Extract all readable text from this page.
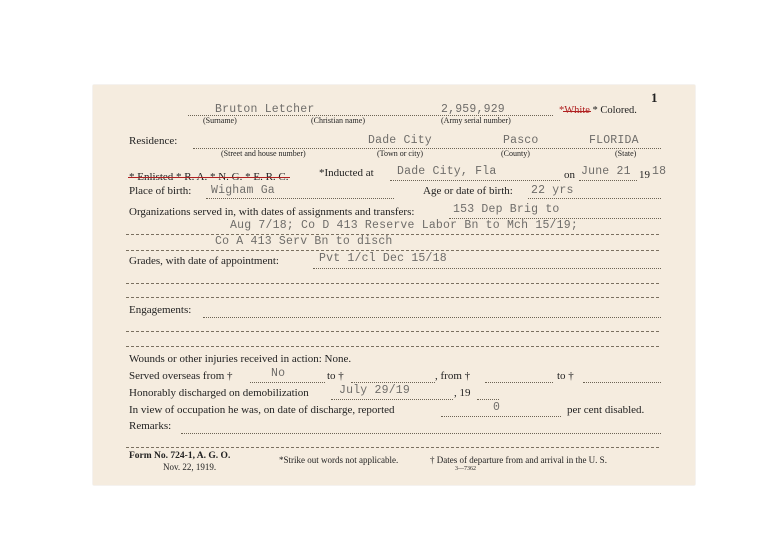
1
Bruton Letcher	2,959,929	*White * Colored.
(Surname)	(Christian name)	(Army serial number)
Residence:	Dade City	Pasco	FLORIDA
(Street and house number)	(Town or city)	(County)	(State)
$_{* Enlisted * R. A. * N. G. * E. R. C.}$	*Inducted at Dade City, Fla	on June 21 19 18
Place of birth: Wigham Ga	Age or date of birth: 22 yrs
Organizations served in, with dates of assignments and transfers:	153 Dep Brig to
Aug 7/18; Co D 413 Reserve Labor Bn to Mch 15/19;
Co A 413 Serv Bn to disch
Grades, with date of appointment:	Pvt 1/cl Dec 15/18
Engagements:
Wounds or other injuries received in action: None.
Served overseas from †	No	to †	, from †	to †
Honorably discharged on demobilization	July 29/19	, 19
In view of occupation he was, on date of discharge, reported	0	per cent disabled.
Remarks:
Form No. 724-1, A. G. O.
Nov. 22, 1919.
*Strike out words not applicable.	† Dates of departure from and arrival in the U. S.
3—7362
